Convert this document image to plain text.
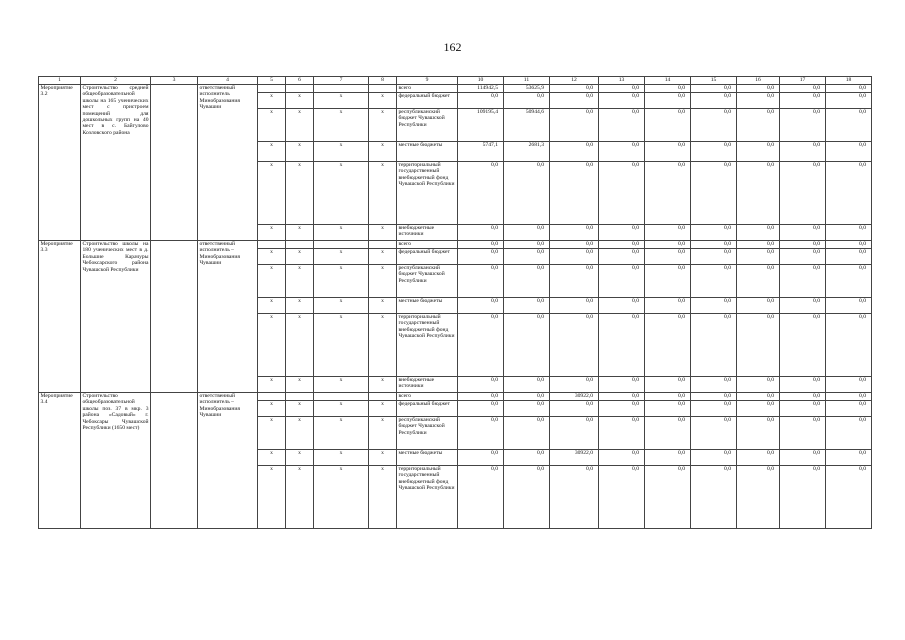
162
1	2	3	4	5	6	7	8	9	10	11	12	13	14	15	16	17	18
Мероприятие 3.2	Строительство средней общеобразовательной школы на 165 ученических мест с пристроем помещений для дошкольных групп на 40 мест в с. Байгулово Козловского района		ответственный исполнитель Минобразования Чувашии					всего	114942,5	53625,9	0,0	0,0	0,0	0,0	0,0	0,0	0,0
				x	x	x	x	федеральный бюджет	0,0	0,0	0,0	0,0	0,0	0,0	0,0	0,0	0,0
				x	x	x	x	республиканский бюджет Чувашской Республики	109195,4	50944,6	0,0	0,0	0,0	0,0	0,0	0,0	0,0
				x	x	x	x	местные бюджеты	5747,1	2681,3	0,0	0,0	0,0	0,0	0,0	0,0	0,0
				x	x	x	x	территориальный государственный внебюджетный фонд Чувашской Республики	0,0	0,0	0,0	0,0	0,0	0,0	0,0	0,0	0,0
				x	x	x	x	внебюджетные источники	0,0	0,0	0,0	0,0	0,0	0,0	0,0	0,0	0,0
Мероприятие 3.3	Строительство школы на 180 ученических мест в д. Большие Карачуры Чебоксарского района Чувашской Республики		ответственный исполнитель – Минобразования Чувашии					всего	0,0	0,0	0,0	0,0	0,0	0,0	0,0	0,0	0,0
				x	x	x	x	федеральный бюджет	0,0	0,0	0,0	0,0	0,0	0,0	0,0	0,0	0,0
				x	x	x	x	республиканский бюджет Чувашской Республики	0,0	0,0	0,0	0,0	0,0	0,0	0,0	0,0	0,0
				x	x	x	x	местные бюджеты	0,0	0,0	0,0	0,0	0,0	0,0	0,0	0,0	0,0
				x	x	x	x	территориальный государственный внебюджетный фонд Чувашской Республики	0,0	0,0	0,0	0,0	0,0	0,0	0,0	0,0	0,0
				x	x	x	x	внебюджетные источники	0,0	0,0	0,0	0,0	0,0	0,0	0,0	0,0	0,0
Мероприятие 3.4	Строительство общеобразовательной школы поз. 37 в мкр. 3 района «Садовый» г. Чебоксары Чувашской Республики (1650 мест)		ответственный исполнитель – Минобразования Чувашии					всего	0,0	0,0	30922,0	0,0	0,0	0,0	0,0	0,0	0,0
				x	x	x	x	федеральный бюджет	0,0	0,0	0,0	0,0	0,0	0,0	0,0	0,0	0,0
				x	x	x	x	республиканский бюджет Чувашской Республики	0,0	0,0	0,0	0,0	0,0	0,0	0,0	0,0	0,0
				x	x	x	x	местные бюджеты	0,0	0,0	30922,0	0,0	0,0	0,0	0,0	0,0	0,0
				x	x	x	x	территориальный государственный внебюджетный фонд Чувашской Республики	0,0	0,0	0,0	0,0	0,0	0,0	0,0	0,0	0,0
